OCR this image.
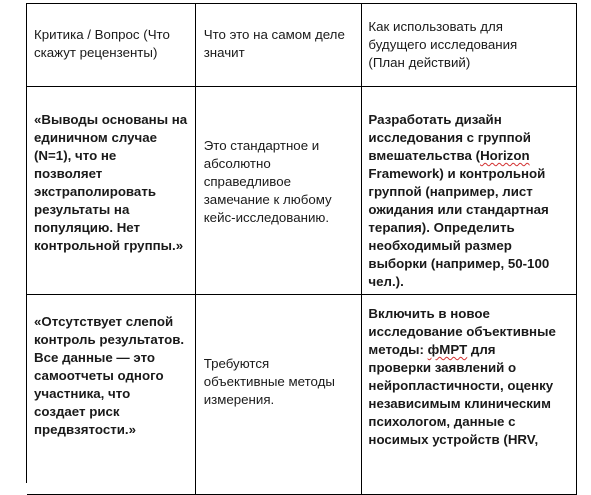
Критика / Вопрос (Что
скажут рецензенты)
Что это на самом деле
значит
Как использовать для
будущего исследования
(План действий)
«Выводы основаны на
единичном случае
(N=1), что не
позволяет
экстраполировать
результаты на
популяцию. Нет
контрольной группы.»
Это стандартное и
абсолютно
справедливое
замечание к любому
кейс-исследованию.
Разработать дизайн
исследования с группой
вмешательства (Horizon
Framework) и контрольной
группой (например, лист
ожидания или стандартная
терапия). Определить
необходимый размер
выборки (например, 50-100
чел.).
«Отсутствует слепой
контроль результатов.
Все данные — это
самоотчеты одного
участника, что
создает риск
предвзятости.»
Требуются
объективные методы
измерения.
Включить в новое
исследование объективные
методы: фМРТ для
проверки заявлений о
нейропластичности, оценку
независимым клиническим
психологом, данные с
носимых устройств (HRV,
